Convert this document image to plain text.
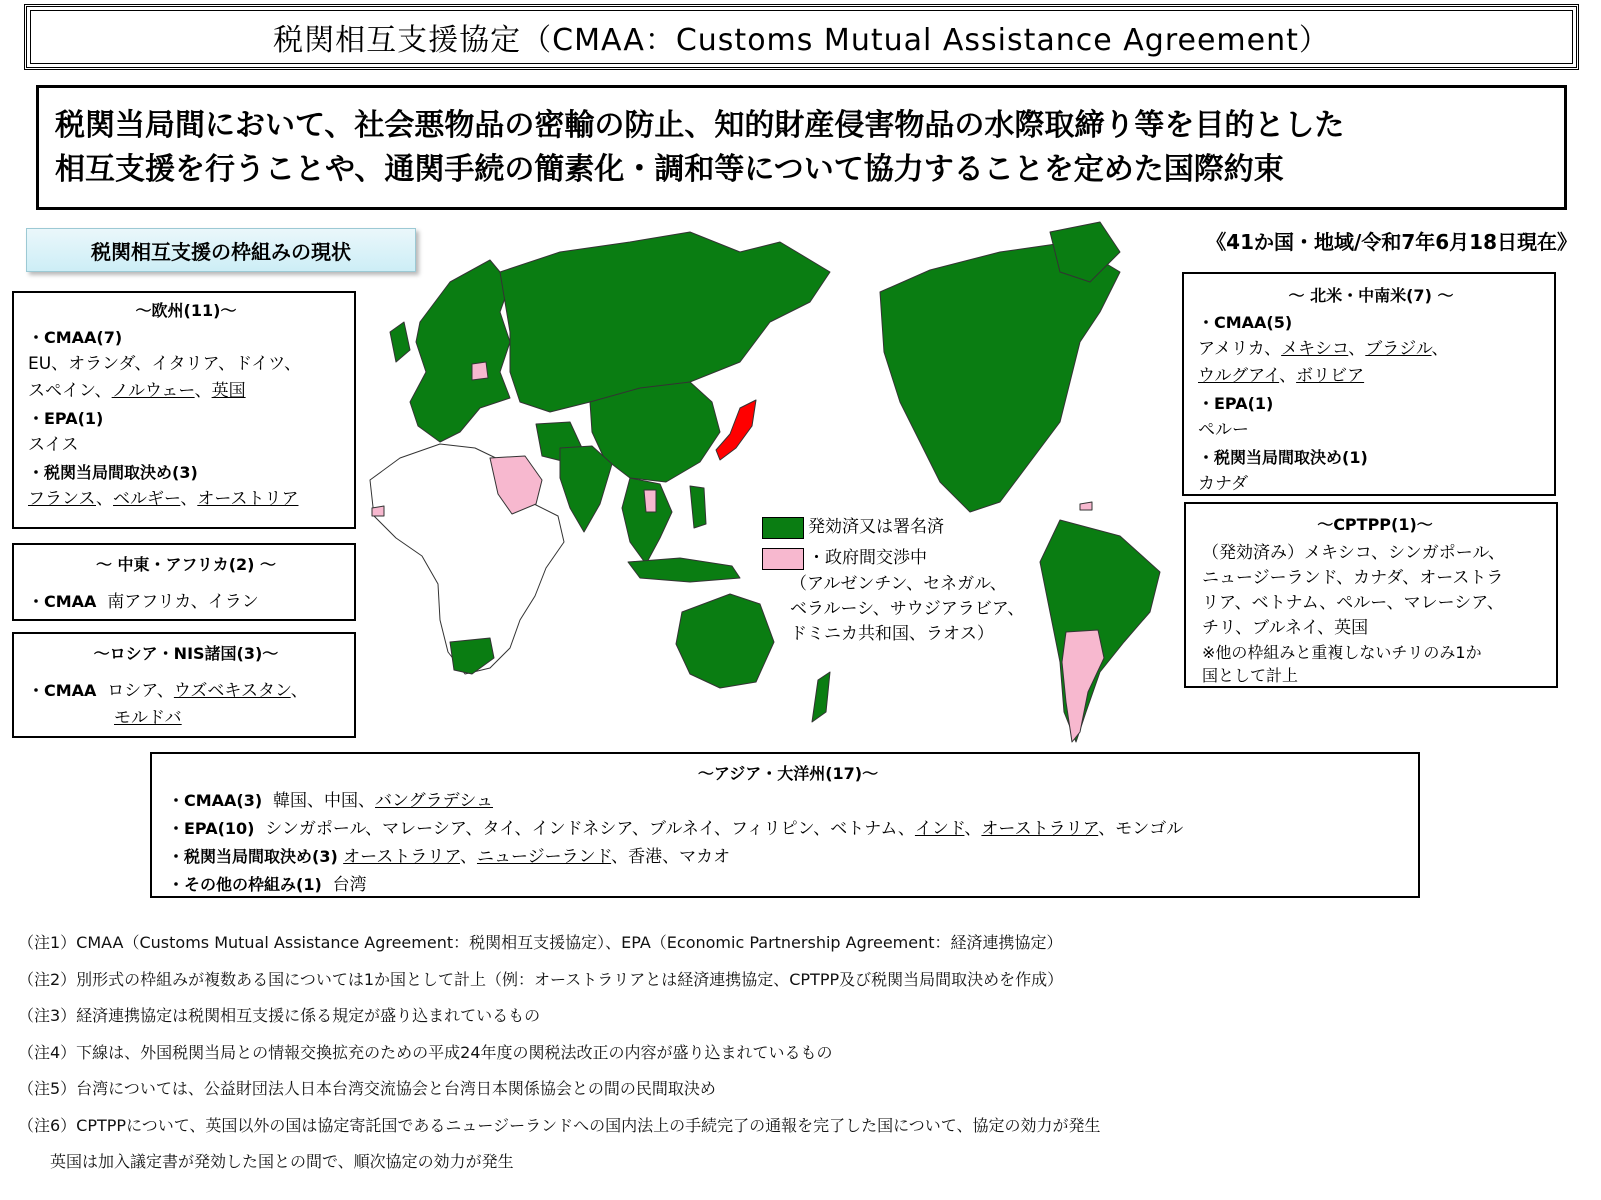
税関相互支援協定（CMAA：Customs Mutual Assistance Agreement）
税関当局間において、社会悪物品の密輸の防止、知的財産侵害物品の水際取締り等を目的とした
相互支援を行うことや、通関手続の簡素化・調和等について協力することを定めた国際約束
税関相互支援の枠組みの現状	《41か国・地域/令和7年6月18日現在》
発効済又は署名済
・政府間交渉中
（アルゼンチン、セネガル、
ベラルーシ、サウジアラビア、
ドミニカ共和国、ラオス）
～欧州(11)～
・CMAA(7)
EU、オランダ、イタリア、ドイツ、
スペイン、ノルウェー、英国
・EPA(1)
スイス
・税関当局間取決め(3)
フランス、ベルギー、オーストリア
～ 中東・アフリカ(2) ～
・CMAA 南アフリカ、イラン
～ロシア・NIS諸国(3)～
・CMAA ロシア、ウズベキスタン、
モルドバ
～ 北米・中南米(7) ～
・CMAA(5)
アメリカ、メキシコ、ブラジル、
ウルグアイ、ボリビア
・EPA(1)
ペルー
・税関当局間取決め(1)
カナダ
～CPTPP(1)～
（発効済み）メキシコ、シンガポール、
ニュージーランド、カナダ、オーストラ
リア、ベトナム、ペルー、マレーシア、
チリ、ブルネイ、英国
※他の枠組みと重複しないチリのみ1か
国として計上
～アジア・大洋州(17)～
・CMAA(3) 韓国、中国、バングラデシュ
・EPA(10) シンガポール、マレーシア、タイ、インドネシア、ブルネイ、フィリピン、ベトナム、インド、オーストラリア、モンゴル
・税関当局間取決め(3) オーストラリア、ニュージーランド、香港、マカオ
・その他の枠組み(1) 台湾
（注1）CMAA（Customs Mutual Assistance Agreement：税関相互支援協定）、EPA（Economic Partnership Agreement：経済連携協定）
（注2）別形式の枠組みが複数ある国については1か国として計上（例：オーストラリアとは経済連携協定、CPTPP及び税関当局間取決めを作成）
（注3）経済連携協定は税関相互支援に係る規定が盛り込まれているもの
（注4）下線は、外国税関当局との情報交換拡充のための平成24年度の関税法改正の内容が盛り込まれているもの
（注5）台湾については、公益財団法人日本台湾交流協会と台湾日本関係協会との間の民間取決め
（注6）CPTPPについて、英国以外の国は協定寄託国であるニュージーランドへの国内法上の手続完了の通報を完了した国について、協定の効力が発生
　　英国は加入議定書が発効した国との間で、順次協定の効力が発生
